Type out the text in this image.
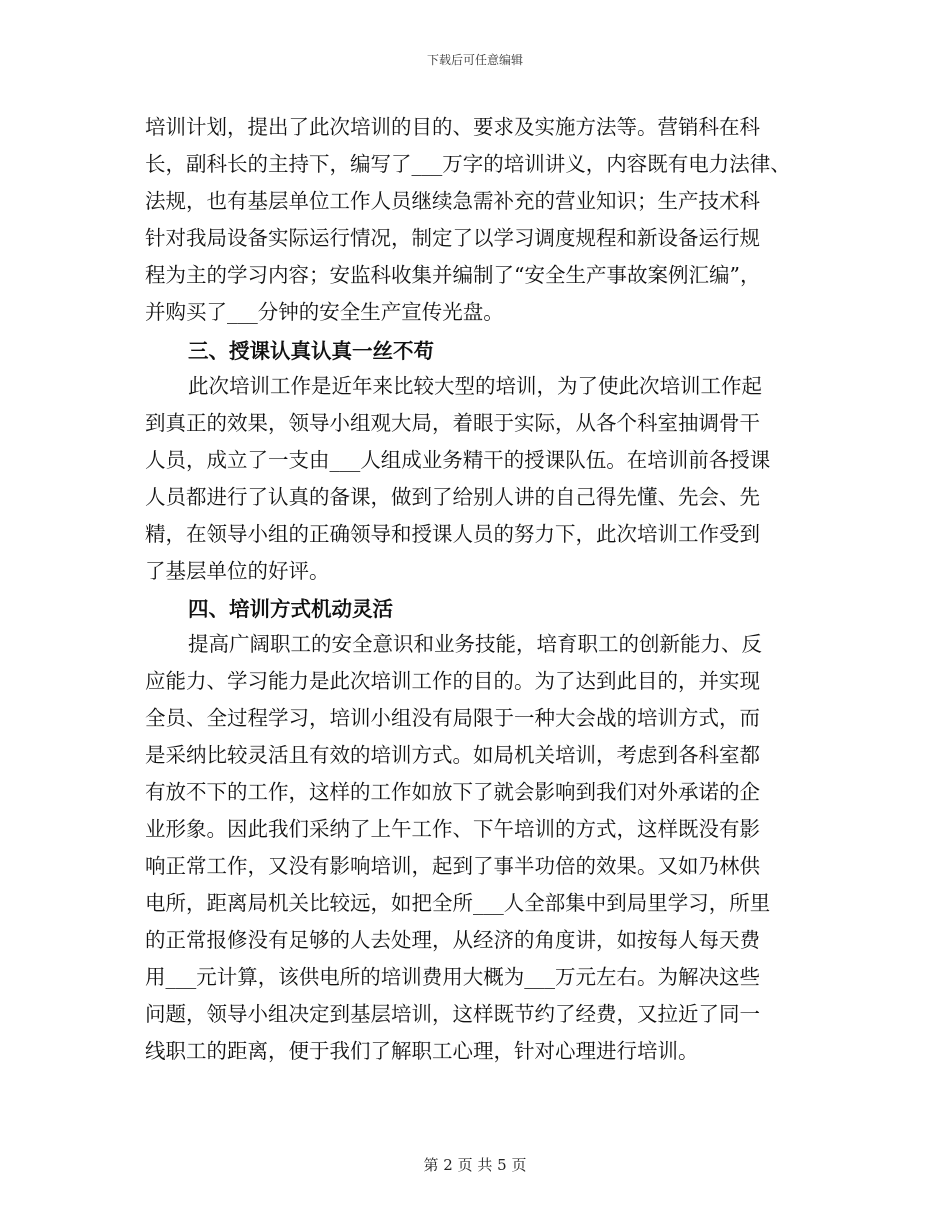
下载后可任意编辑
培训计划，提出了此次培训的目的、要求及实施方法等。营销科在科
长，副科长的主持下，编写了___万字的培训讲义，内容既有电力法律、
法规，也有基层单位工作人员继续急需补充的营业知识；生产技术科
针对我局设备实际运行情况，制定了以学习调度规程和新设备运行规
程为主的学习内容；安监科收集并编制了“安全生产事故案例汇编”，
并购买了___分钟的安全生产宣传光盘。
三、授课认真认真一丝不苟
此次培训工作是近年来比较大型的培训，为了使此次培训工作起
到真正的效果，领导小组观大局，着眼于实际，从各个科室抽调骨干
人员，成立了一支由___人组成业务精干的授课队伍。在培训前各授课
人员都进行了认真的备课，做到了给别人讲的自己得先懂、先会、先
精，在领导小组的正确领导和授课人员的努力下，此次培训工作受到
了基层单位的好评。
四、培训方式机动灵活
提高广阔职工的安全意识和业务技能，培育职工的创新能力、反
应能力、学习能力是此次培训工作的目的。为了达到此目的，并实现
全员、全过程学习，培训小组没有局限于一种大会战的培训方式，而
是采纳比较灵活且有效的培训方式。如局机关培训，考虑到各科室都
有放不下的工作，这样的工作如放下了就会影响到我们对外承诺的企
业形象。因此我们采纳了上午工作、下午培训的方式，这样既没有影
响正常工作，又没有影响培训，起到了事半功倍的效果。又如乃林供
电所，距离局机关比较远，如把全所___人全部集中到局里学习，所里
的正常报修没有足够的人去处理，从经济的角度讲，如按每人每天费
用___元计算，该供电所的培训费用大概为___万元左右。为解决这些
问题，领导小组决定到基层培训，这样既节约了经费，又拉近了同一
线职工的距离，便于我们了解职工心理，针对心理进行培训。
第 2 页 共 5 页
